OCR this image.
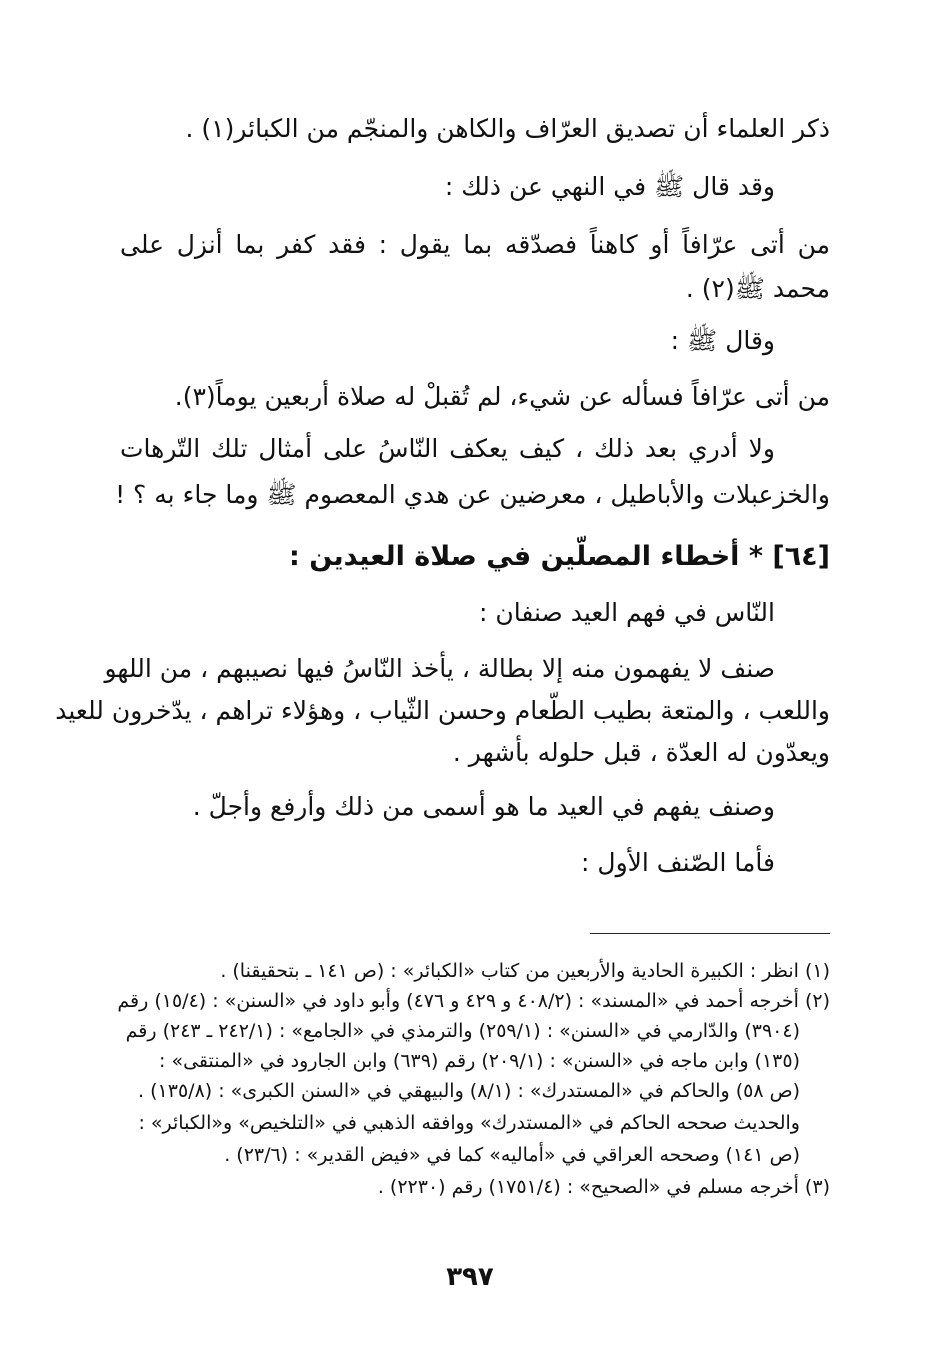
ذكر العلماء أن تصديق العرّاف والكاهن والمنجّم من الكبائر(١) .
وقد قال ﷺ في النهي عن ذلك :
من أتى عرّافاً أو كاهناً فصدّقه بما يقول : فقد كفر بما أنزل على
محمد ﷺ(٢) .
وقال ﷺ :
من أتى عرّافاً فسأله عن شيء، لم تُقبلْ له صلاة أربعين يوماً(٣).
ولا أدري بعد ذلك ، كيف يعكف النّاسُ على أمثال تلك التّرهات
والخزعبلات والأباطيل ، معرضين عن هدي المعصوم ﷺ وما جاء به ؟ !
[٦٤] * أخطاء المصلّين في صلاة العيدين :
النّاس في فهم العيد صنفان :
صنف لا يفهمون منه إلا بطالة ، يأخذ النّاسُ فيها نصيبهم ، من اللهو
واللعب ، والمتعة بطيب الطّعام وحسن الثّياب ، وهؤلاء تراهم ، يدّخرون للعيد
ويعدّون له العدّة ، قبل حلوله بأشهر .
وصنف يفهم في العيد ما هو أسمى من ذلك وأرفع وأجلّ .
فأما الصّنف الأول :
(١) انظر : الكبيرة الحادية والأربعين من كتاب «الكبائر» : (ص ١٤١ ـ بتحقيقنا) .
(٢) أخرجه أحمد في «المسند» : (٤٠٨/٢ و ٤٢٩ و ٤٧٦) وأبو داود في «السنن» : (١٥/٤) رقم
(٣٩٠٤) والدّارمي في «السنن» : (٢٥٩/١) والترمذي في «الجامع» : (٢٤٢/١ ـ ٢٤٣) رقم
(١٣٥) وابن ماجه في «السنن» : (٢٠٩/١) رقم (٦٣٩) وابن الجارود في «المنتقى» :
(ص ٥٨) والحاكم في «المستدرك» : (٨/١) والبيهقي في «السنن الكبرى» : (١٣٥/٨) .
والحديث صححه الحاكم في «المستدرك» ووافقه الذهبي في «التلخيص» و«الكبائر» :
(ص ١٤١) وصححه العراقي في «أماليه» كما في «فيض القدير» : (٢٣/٦) .
(٣) أخرجه مسلم في «الصحيح» : (١٧٥١/٤) رقم (٢٢٣٠) .
٣٩٧
